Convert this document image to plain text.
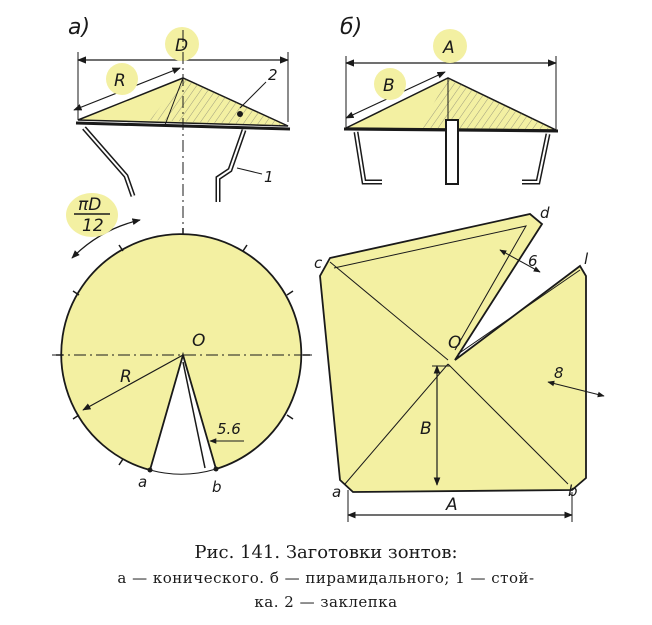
а)
D
R
1
2
πD
12
O
R
5.6
a	b
б)
A
B
c
d
l
6
8
O
B
a	b
A
Рис. 141. Заготовки зонтов:
а — конического. б — пирамидального; 1 — стой-
ка. 2 — заклепка
